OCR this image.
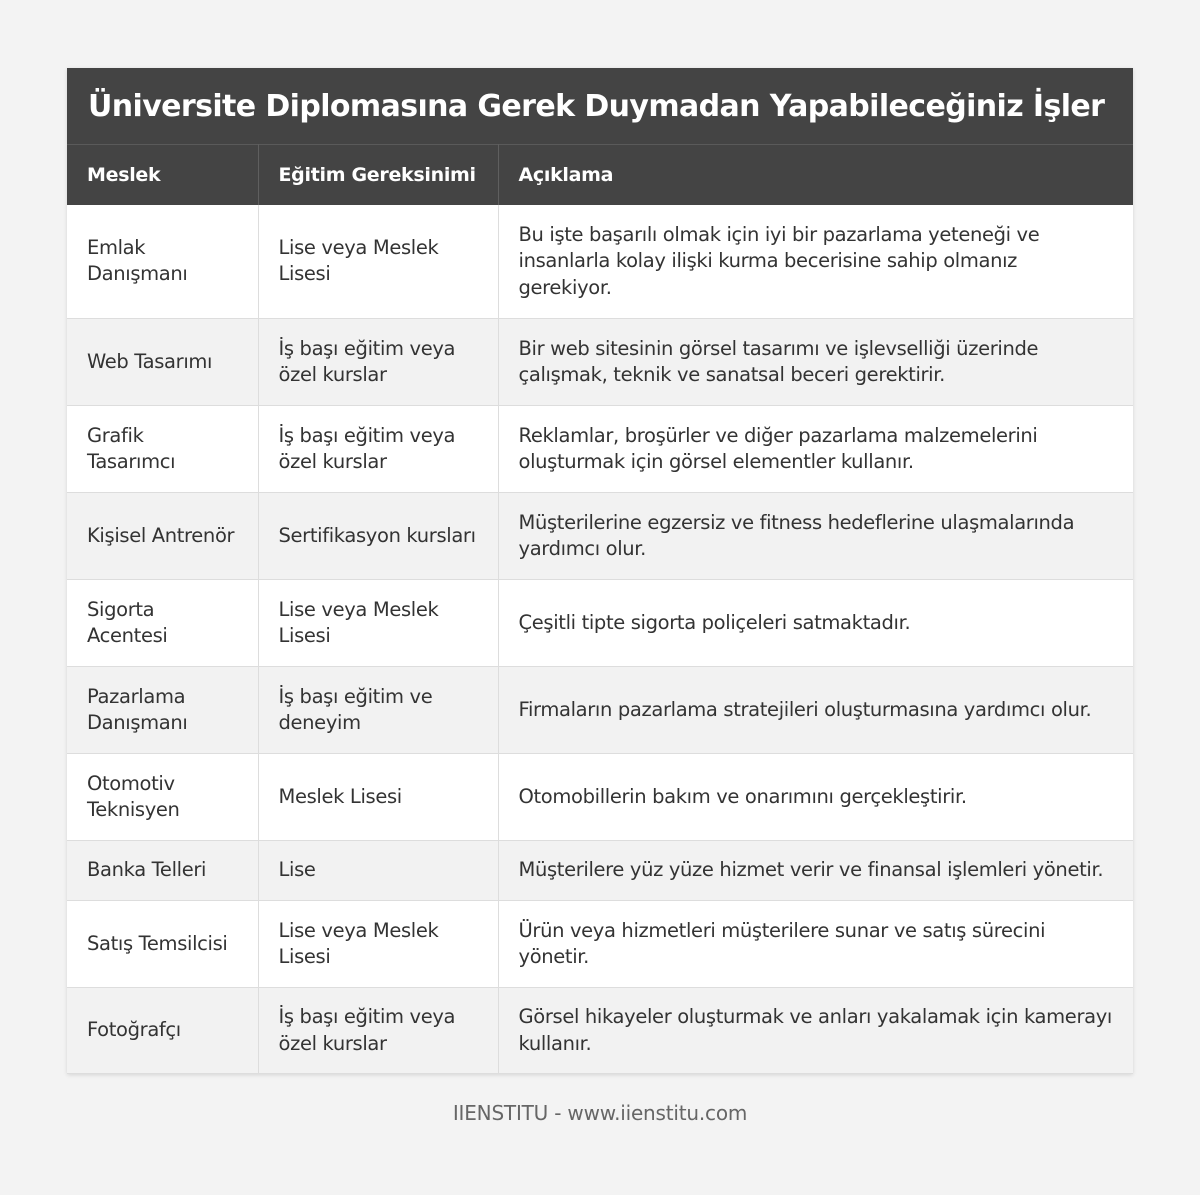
Üniversite Diplomasına Gerek Duymadan Yapabileceğiniz İşler
Meslek	Eğitim Gereksinimi	Açıklama
Emlak Danışmanı	Lise veya Meslek Lisesi	Bu işte başarılı olmak için iyi bir pazarlama yeteneği ve insanlarla kolay ilişki kurma becerisine sahip olmanız gerekiyor.
Web Tasarımı	İş başı eğitim veya özel kurslar	Bir web sitesinin görsel tasarımı ve işlevselliği üzerinde çalışmak, teknik ve sanatsal beceri gerektirir.
Grafik Tasarımcı	İş başı eğitim veya özel kurslar	Reklamlar, broşürler ve diğer pazarlama malzemelerini oluşturmak için görsel elementler kullanır.
Kişisel Antrenör	Sertifikasyon kursları	Müşterilerine egzersiz ve fitness hedeflerine ulaşmalarında yardımcı olur.
Sigorta Acentesi	Lise veya Meslek Lisesi	Çeşitli tipte sigorta poliçeleri satmaktadır.
Pazarlama Danışmanı	İş başı eğitim ve deneyim	Firmaların pazarlama stratejileri oluşturmasına yardımcı olur.
Otomotiv Teknisyen	Meslek Lisesi	Otomobillerin bakım ve onarımını gerçekleştirir.
Banka Telleri	Lise	Müşterilere yüz yüze hizmet verir ve finansal işlemleri yönetir.
Satış Temsilcisi	Lise veya Meslek Lisesi	Ürün veya hizmetleri müşterilere sunar ve satış sürecini yönetir.
Fotoğrafçı	İş başı eğitim veya özel kurslar	Görsel hikayeler oluşturmak ve anları yakalamak için kamerayı kullanır.
IIENSTITU - www.iienstitu.com
